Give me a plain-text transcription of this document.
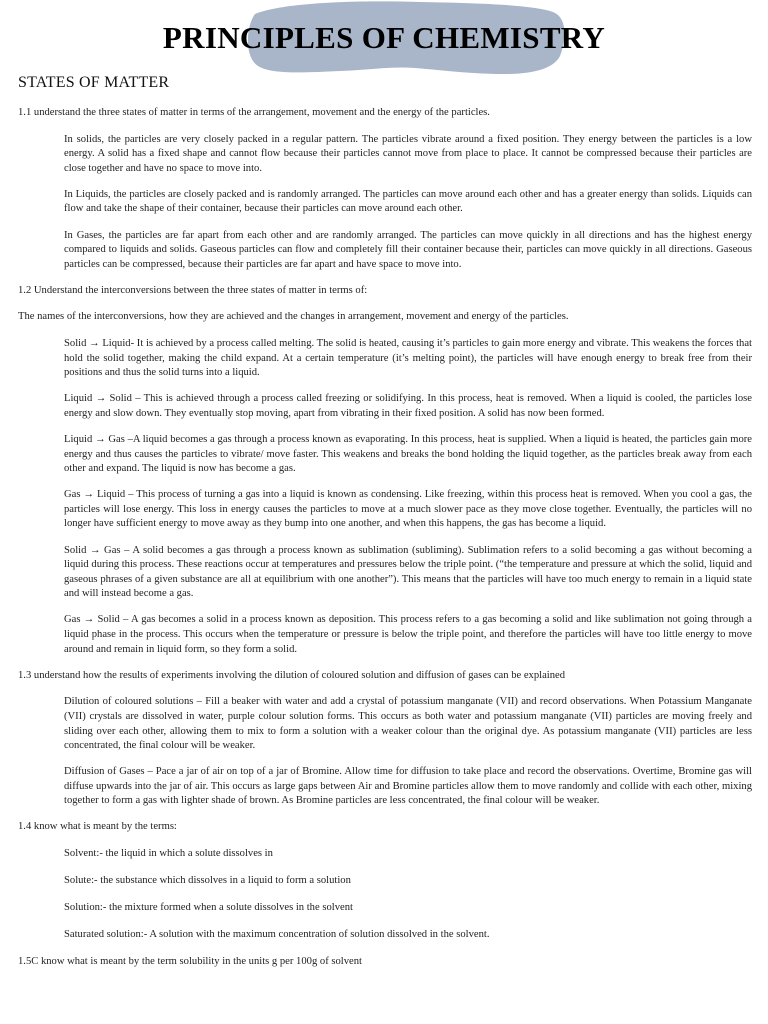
PRINCIPLES OF CHEMISTRY
STATES OF MATTER

1.1 understand the three states of matter in terms of the arrangement, movement and the energy of the particles.

In solids, the particles are very closely packed in a regular pattern. The particles vibrate around a fixed position. They energy between the particles is a low energy. A solid has a fixed shape and cannot flow because their particles cannot move from place to place. It cannot be compressed because their particles are close together and have no space to move into.

In Liquids, the particles are closely packed and is randomly arranged. The particles can move around each other and has a greater energy than solids. Liquids can flow and take the shape of their container, because their particles can move around each other.

In Gases, the particles are far apart from each other and are randomly arranged. The particles can move quickly in all directions and has the highest energy compared to liquids and solids. Gaseous particles can flow and completely fill their container because their, particles can move quickly in all directions. Gaseous particles can be compressed, because their particles are far apart and have space to move into.

1.2 Understand the interconversions between the three states of matter in terms of:

The names of the interconversions, how they are achieved and the changes in arrangement, movement and energy of the particles.

Solid → Liquid- It is achieved by a process called melting. The solid is heated, causing it’s particles to gain more energy and vibrate. This weakens the forces that hold the solid together, making the child expand. At a certain temperature (it’s melting point), the particles will have enough energy to break free from their positions and thus the solid turns into a liquid.

Liquid → Solid – This is achieved through a process called freezing or solidifying. In this process, heat is removed. When a liquid is cooled, the particles lose energy and slow down. They eventually stop moving, apart from vibrating in their fixed position. A solid has now been formed.

Liquid → Gas –A liquid becomes a gas through a process known as evaporating. In this process, heat is supplied. When a liquid is heated, the particles gain more energy and thus causes the particles to vibrate/ move faster. This weakens and breaks the bond holding the liquid together, as the particles break away from each other and expand. The liquid is now has become a gas.

Gas → Liquid – This process of turning a gas into a liquid is known as condensing. Like freezing, within this process heat is removed. When you cool a gas, the particles will lose energy. This loss in energy causes the particles to move at a much slower pace as they move close together. Eventually, the particles will no longer have sufficient energy to move away as they bump into one another, and when this happens, the gas has become a liquid.

Solid → Gas – A solid becomes a gas through a process known as sublimation (subliming). Sublimation refers to a solid becoming a gas without becoming a liquid during this process. These reactions occur at temperatures and pressures below the triple point. (“the temperature and pressure at which the solid, liquid and gaseous phrases of a given substance are all at equilibrium with one another”). This means that the particles will have too much energy to remain in a liquid state and will instead become a gas.

Gas → Solid – A gas becomes a solid in a process known as deposition. This process refers to a gas becoming a solid and like sublimation not going through a liquid phase in the process. This occurs when the temperature or pressure is below the triple point, and therefore the particles will have too little energy to move around and remain in liquid form, so they form a solid.

1.3 understand how the results of experiments involving the dilution of coloured solution and diffusion of gases can be explained

Dilution of coloured solutions – Fill a beaker with water and add a crystal of potassium manganate (VII) and record observations. When Potassium Manganate (VII) crystals are dissolved in water, purple colour solution forms. This occurs as both water and potassium manganate (VII) particles are moving freely and sliding over each other, allowing them to mix to form a solution with a weaker colour than the original dye. As potassium manganate (VII) particles are less concentrated, the final colour will be weaker.

Diffusion of Gases – Pace a jar of air on top of a jar of Bromine. Allow time for diffusion to take place and record the observations. Overtime, Bromine gas will diffuse upwards into the jar of air. This occurs as large gaps between Air and Bromine particles allow them to move randomly and collide with each other, mixing together to form a gas with lighter shade of brown. As Bromine particles are less concentrated, the final colour will be weaker.

1.4 know what is meant by the terms:

Solvent:- the liquid in which a solute dissolves in

Solute:- the substance which dissolves in a liquid to form a solution

Solution:- the mixture formed when a solute dissolves in the solvent

Saturated solution:- A solution with the maximum concentration of solution dissolved in the solvent.

1.5C know what is meant by the term solubility in the units g per 100g of solvent
